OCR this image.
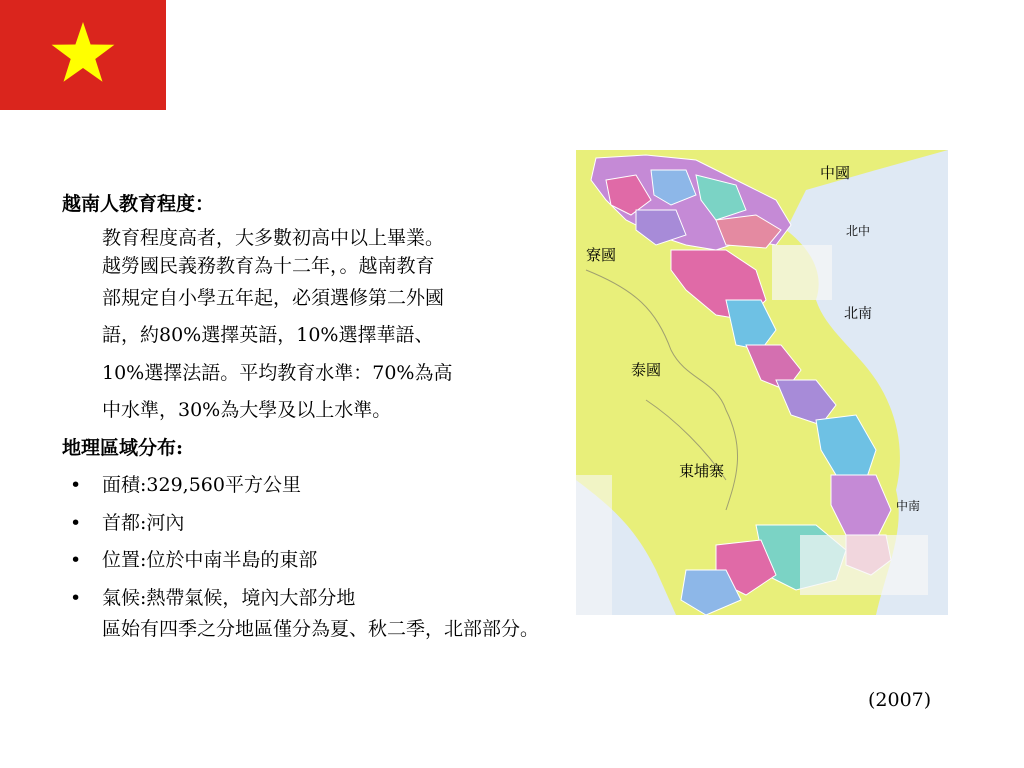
中國
寮國
泰國
東埔寨
北中
北南
中南
越南人教育程度：
教育程度高者，大多數初高中以上畢業。
越勞國民義務教育為十二年，。越南教育
部規定自小學五年起，必須選修第二外國
語，約80%選擇英語，10%選擇華語、
10%選擇法語。平均教育水準：70%為高
中水準，30%為大學及以上水準。
地理區域分布:
• 面積:329,560平方公里
• 首都:河內
• 位置:位於中南半島的東部
• 氣候:熱帶氣候，境內大部分地
區始有四季之分地區僅分為夏、秋二季，北部部分。
(2007)
